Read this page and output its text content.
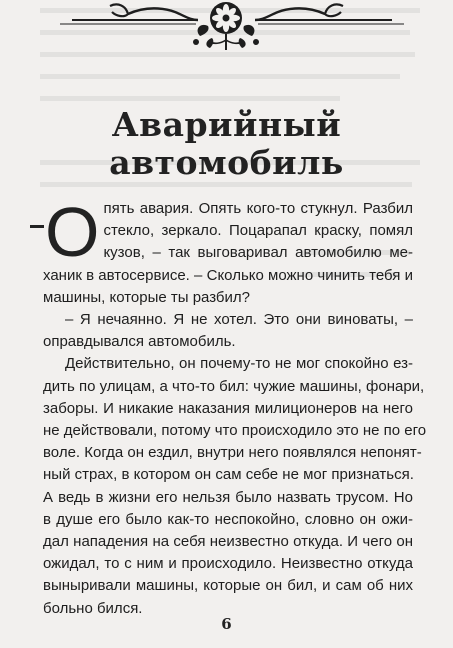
Аварийный
автомобиль
О пять авария. Опять кого-то стукнул. Разбил
стекло, зеркало. Поцарапал краску, помял
кузов, – так выговаривал автомобилю ме-
ханик в автосервисе. – Сколько можно чинить тебя и
машины, которые ты разбил?
– Я нечаянно. Я не хотел. Это они виноваты, –
оправдывался автомобиль.
Действительно, он почему-то не мог спокойно ез-
дить по улицам, а что-то бил: чужие машины, фонари,
заборы. И никакие наказания милиционеров на него
не действовали, потому что происходило это не по его
воле. Когда он ездил, внутри него появлялся непонят-
ный страх, в котором он сам себе не мог признаться.
А ведь в жизни его нельзя было назвать трусом. Но
в душе его было как-то неспокойно, словно он ожи-
дал нападения на себя неизвестно откуда. И чего он
ожидал, то с ним и происходило. Неизвестно откуда
выныривали машины, которые он бил, и сам об них
больно бился.
6
